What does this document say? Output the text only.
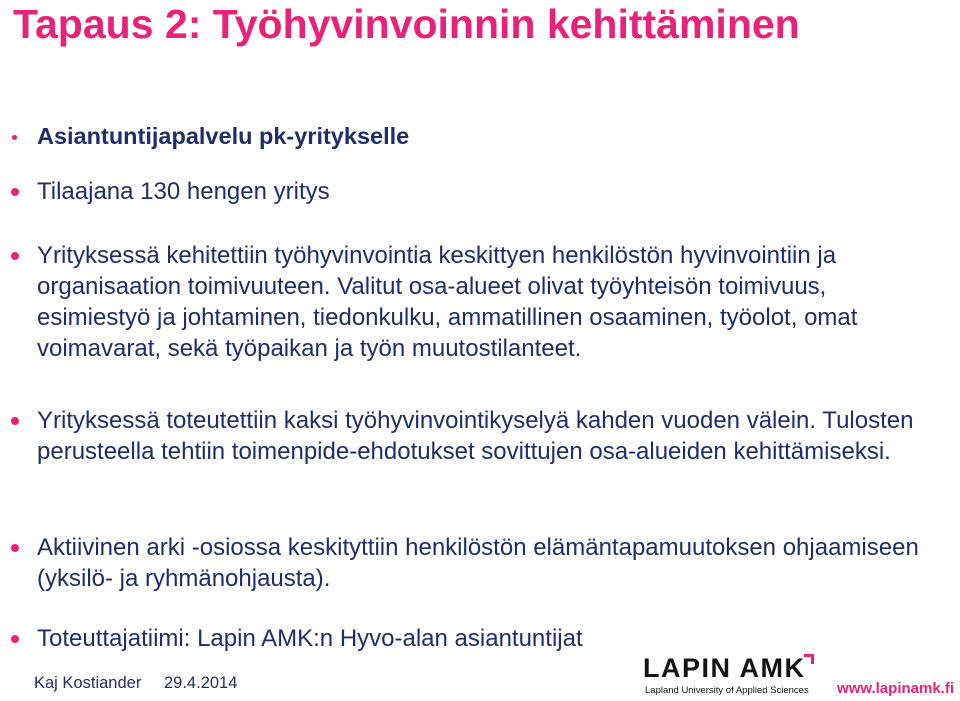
Tapaus 2: Työhyvinvoinnin kehittäminen
Asiantuntijapalvelu pk-yritykselle
Tilaajana 130 hengen yritys
Yrityksessä kehitettiin työhyvinvointia keskittyen henkilöstön hyvinvointiin ja organisaation toimivuuteen. Valitut osa-alueet olivat työyhteisön toimivuus, esimiestyö ja johtaminen, tiedonkulku, ammatillinen osaaminen, työolot, omat voimavarat, sekä työpaikan ja työn muutostilanteet.
Yrityksessä toteutettiin kaksi työhyvinvointikyselyä kahden vuoden välein. Tulosten perusteella tehtiin toimenpide-ehdotukset sovittujen osa-alueiden kehittämiseksi.
Aktiivinen arki -osiossa keskityttiin henkilöstön elämäntapamuutoksen ohjaamiseen (yksilö- ja ryhmänohjausta).
Toteuttajatiimi: Lapin AMK:n Hyvo-alan asiantuntijat
Kaj Kostiander 29.4.2014	LAPIN AMK
Lapland University of Applied Sciences www.lapinamk.fi
